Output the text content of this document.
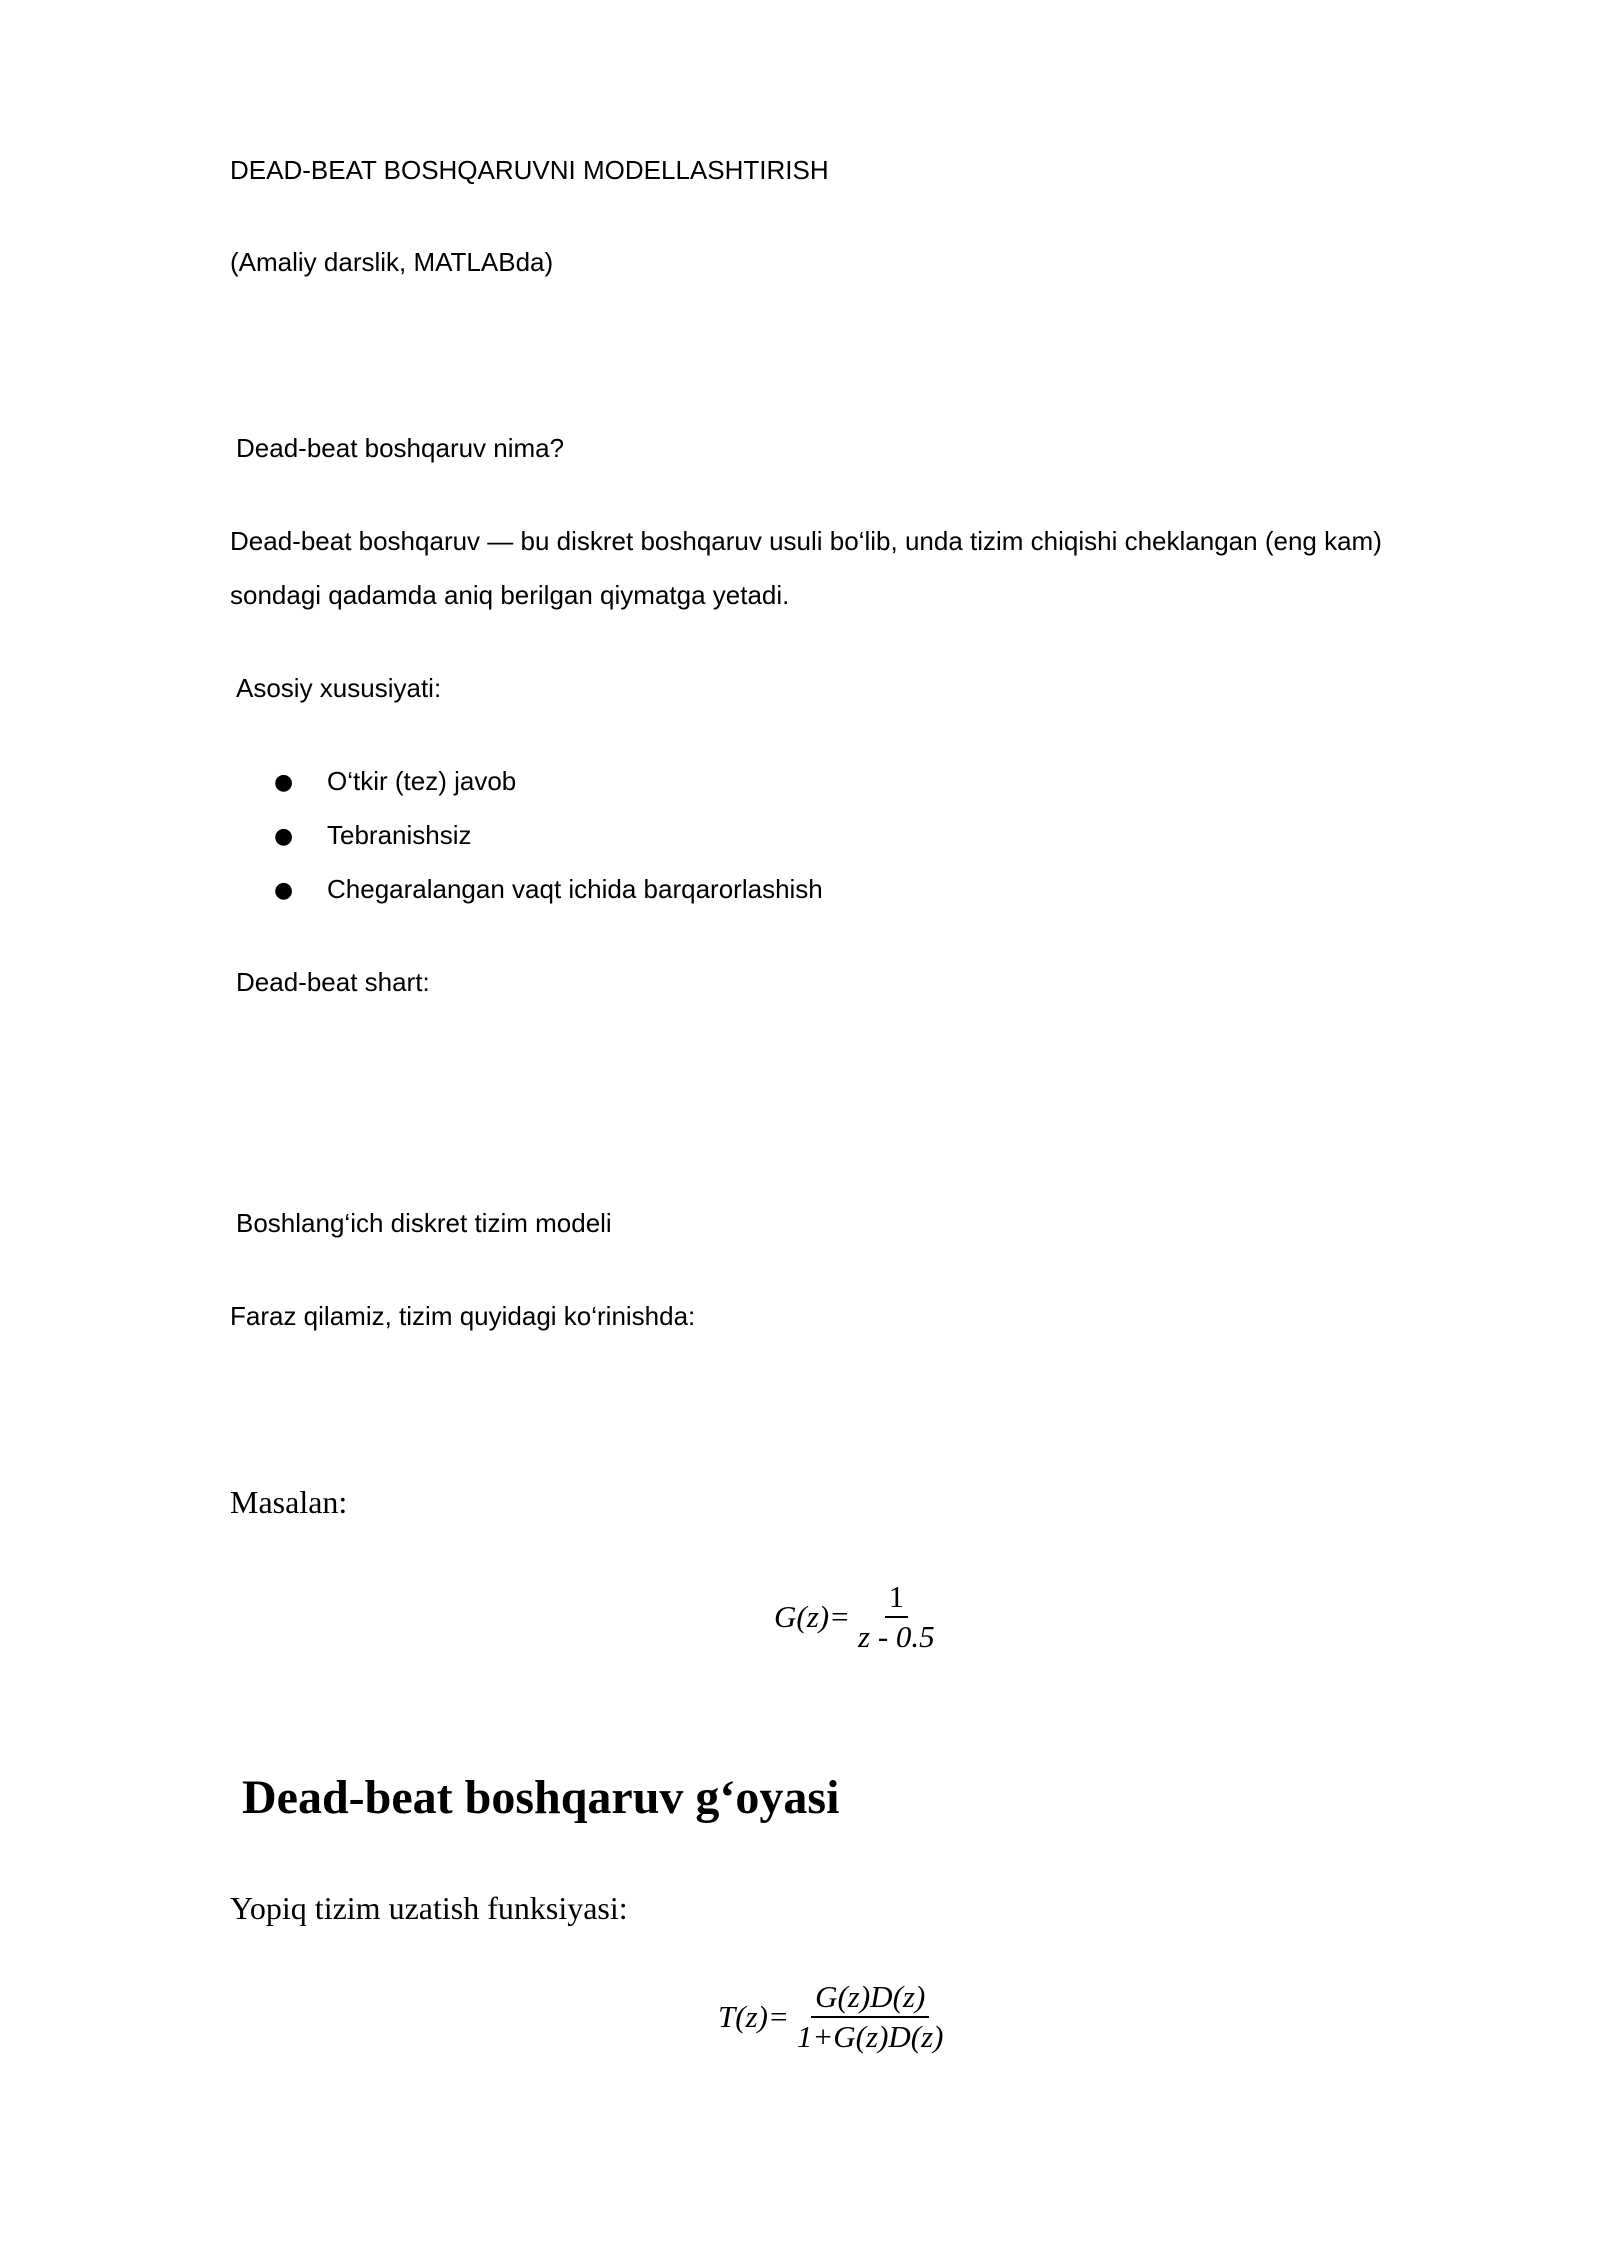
DEAD-BEAT BOSHQARUVNI MODELLASHTIRISH

(Amaliy darslik, MATLABda)

Dead-beat boshqaruv nima?

Dead-beat boshqaruv — bu diskret boshqaruv usuli bo‘lib, unda tizim chiqishi cheklangan (eng kam)

sondagi qadamda aniq berilgan qiymatga yetadi.

Asosiy xususiyati:

● O‘tkir (tez) javob

● Tebranishsiz

● Chegaralangan vaqt ichida barqarorlashish

Dead-beat shart:

Boshlang‘ich diskret tizim modeli

Faraz qilamiz, tizim quyidagi ko‘rinishda:

Masalan:

$G(z)= \frac{1}{z - 0.5}$

Dead-beat boshqaruv g‘oyasi

Yopiq tizim uzatish funksiyasi:

$T(z)= \frac{G(z)D(z)}{1+G(z)D(z)}$
